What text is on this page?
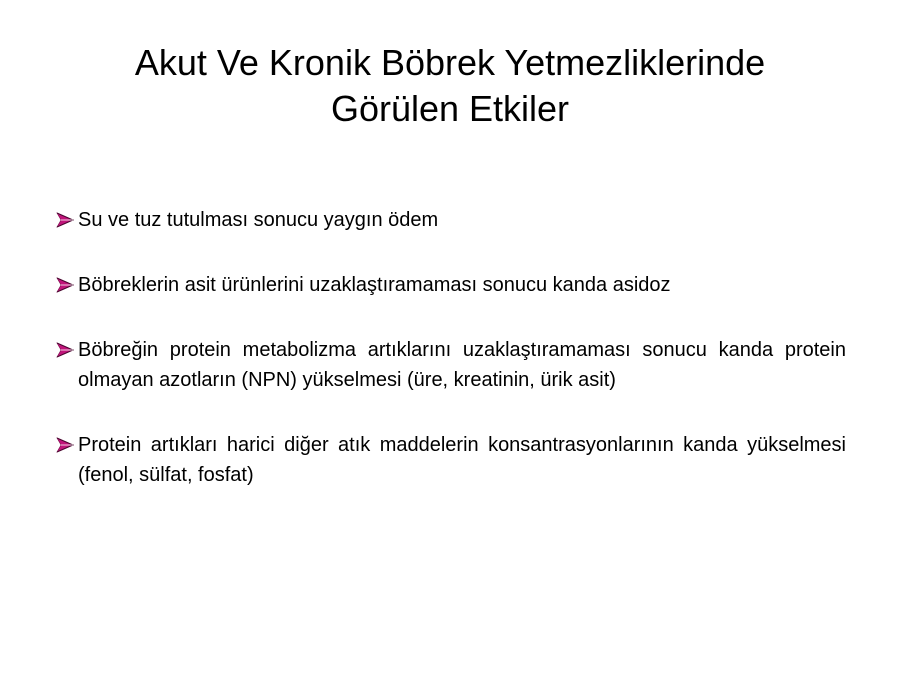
Akut Ve Kronik Böbrek Yetmezliklerinde
Görülen Etkiler
Su ve tuz tutulması sonucu yaygın ödem
Böbreklerin asit ürünlerini uzaklaştıramaması sonucu kanda asidoz
Böbreğin protein metabolizma artıklarını uzaklaştıramaması sonucu kanda protein olmayan azotların (NPN) yükselmesi (üre, kreatinin, ürik asit)
Protein artıkları harici diğer atık maddelerin konsantrasyonlarının kanda yükselmesi (fenol, sülfat, fosfat)
